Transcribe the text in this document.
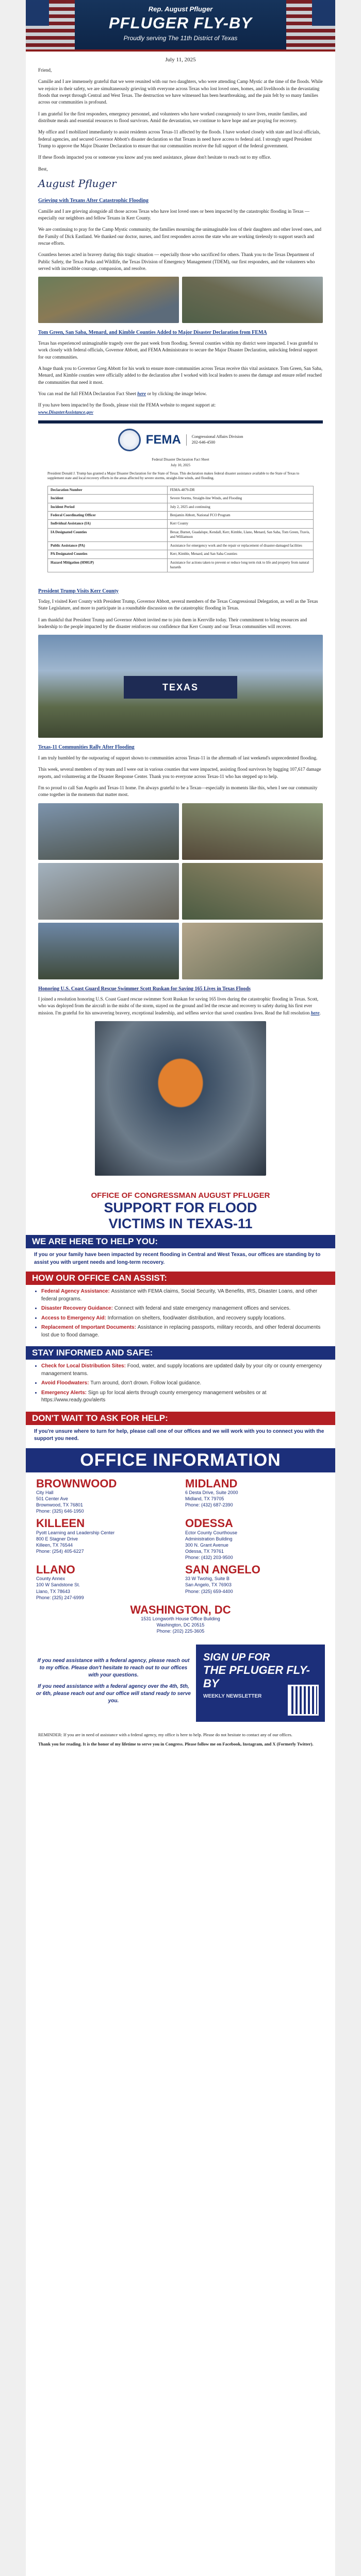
Rep. August Pfluger
PFLUGER FLY-BY
Proudly serving The 11th District of Texas
July 11, 2025

Friend,

Camille and I are immensely grateful that we were reunited with our two daughters, who were attending Camp Mystic at the time of the floods. While we rejoice in their safety, we are simultaneously grieving with everyone across Texas who lost loved ones, homes, and livelihoods in the devastating floods that swept through Central and West Texas. The destruction we have witnessed has been heartbreaking, and the pain felt by so many families across our communities is profound.

I am grateful for the first responders, emergency personnel, and volunteers who have worked courageously to save lives, reunite families, and distribute meals and essential resources to flood survivors. Amid the devastation, we continue to have hope and are praying for recovery.

My office and I mobilized immediately to assist residents across Texas-11 affected by the floods. I have worked closely with state and local officials, federal agencies, and secured Governor Abbott's disaster declaration so that Texans in need have access to federal aid. I strongly urged President Trump to approve the Major Disaster Declaration to ensure that our communities receive the full support of the federal government.

If these floods impacted you or someone you know and you need assistance, please don't hesitate to reach out to my office.

Best,

August Pfluger
Grieving with Texans After Catastrophic Flooding

Camille and I are grieving alongside all those across Texas who have lost loved ones or been impacted by the catastrophic flooding in Texas — especially our neighbors and fellow Texans in Kerr County.

We are continuing to pray for the Camp Mystic community, the families mourning the unimaginable loss of their daughters and other loved ones, and the Family of Dick Eastland. We thanked our doctor, nurses, and first responders across the state who are working tirelessly to support search and rescue efforts.

Countless heroes acted in bravery during this tragic situation — especially those who sacrificed for others. Thank you to the Texas Department of Public Safety, the Texas Parks and Wildlife, the Texas Division of Emergency Management (TDEM), our first responders, and the volunteers who served with incredible courage, compassion, and resolve.

Tom Green, San Saba, Menard, and Kimble Counties Added to Major Disaster Declaration from FEMA

Texas has experienced unimaginable tragedy over the past week from flooding. Several counties within my district were impacted. I was grateful to work closely with federal officials, Governor Abbott, and FEMA Administrator to secure the Major Disaster Declaration, unlocking federal support for our communities.

A huge thank you to Governor Greg Abbott for his work to ensure more communities across Texas receive this vital assistance. Tom Green, San Saba, Menard, and Kimble counties were officially added to the declaration after I worked with local leaders to assess the damage and ensure relief reached the communities that need it most.

You can read the full FEMA Declaration Fact Sheet here or by clicking the image below.

If you have been impacted by the floods, please visit the FEMA website to request support at:
www.DisasterAssistance.gov

FEMA	Congressional Affairs Division
202-646-4500
Federal Disaster Declaration Fact Sheet
July 10, 2025

President Donald J. Trump has granted a Major Disaster Declaration for the State of Texas. This declaration makes federal disaster assistance available to the State of Texas to supplement state and local recovery efforts in the areas affected by severe storms, straight-line winds, and flooding.

Declaration Number	FEMA-4879-DR
Incident	Severe Storms, Straight-line Winds, and Flooding
Incident Period	July 2, 2025 and continuing
Federal Coordinating Officer	Benjamin Abbott, National FCO Program
Individual Assistance (IA)	Kerr County
IA Designated Counties	Bexar, Burnet, Guadalupe, Kendall, Kerr, Kimble, Llano, Menard, San Saba, Tom Green, Travis, and Williamson
Public Assistance (PA)	Assistance for emergency work and the repair or replacement of disaster-damaged facilities
PA Designated Counties	Kerr, Kimble, Menard, and San Saba Counties
Hazard Mitigation (HMGP)	Assistance for actions taken to prevent or reduce long term risk to life and property from natural hazards
President Trump Visits Kerr County

Today, I visited Kerr County with President Trump, Governor Abbott, several members of the Texas Congressional Delegation, as well as the Texas State Legislature, and more to participate in a roundtable discussion on the catastrophic flooding in Texas.

I am thankful that President Trump and Governor Abbott invited me to join them in Kerrville today. Their commitment to bring resources and leadership to the people impacted by the disaster reinforces our confidence that Kerr County and our Texas communities will recover.

TEXAS
Texas-11 Communities Rally After Flooding

I am truly humbled by the outpouring of support shown to communities across Texas-11 in the aftermath of last weekend's unprecedented flooding.

This week, several members of my team and I were out in various counties that were impacted, assisting flood survivors by bagging 107,617 damage reports, and volunteering at the Disaster Response Center. Thank you to everyone across Texas-11 who has stepped up to help.

I'm so proud to call San Angelo and Texas-11 home. I'm always grateful to be a Texan—especially in moments like this, when I see our community come together in the moments that matter most.

Honoring U.S. Coast Guard Rescue Swimmer Scott Ruskan for Saving 165 Lives in Texas Floods

I joined a resolution honoring U.S. Coast Guard rescue swimmer Scott Ruskan for saving 165 lives during the catastrophic flooding in Texas. Scott, who was deployed from the aircraft in the midst of the storm, stayed on the ground and led the rescue and recovery to safety during his first ever mission. I'm grateful for his unwavering bravery, exceptional leadership, and selfless service that saved countless lives. Read the full resolution here.

OFFICE OF CONGRESSMAN AUGUST PFLUGER
SUPPORT FOR FLOOD
VICTIMS IN TEXAS-11
WE ARE HERE TO HELP YOU:
If you or your family have been impacted by recent flooding in Central and West Texas, our offices are standing by to assist you with urgent needs and long-term recovery.
HOW OUR OFFICE CAN ASSIST:
• Federal Agency Assistance: Assistance with FEMA claims, Social Security, VA Benefits, IRS, Disaster Loans, and other federal programs.
• Disaster Recovery Guidance: Connect with federal and state emergency management offices and services.
• Access to Emergency Aid: Information on shelters, food/water distribution, and recovery supply locations.
• Replacement of Important Documents: Assistance in replacing passports, military records, and other federal documents lost due to flood damage.
STAY INFORMED AND SAFE:
• Check for Local Distribution Sites: Food, water, and supply locations are updated daily by your city or county emergency management teams.
• Avoid Floodwaters: Turn around, don't drown. Follow local guidance.
• Emergency Alerts: Sign up for local alerts through county emergency management websites or at https://www.ready.gov/alerts
DON'T WAIT TO ASK FOR HELP:
If you're unsure where to turn for help, please call one of our offices and we will work with you to connect you with the support you need.
OFFICE INFORMATION
BROWNWOOD
City Hall
501 Center Ave
Brownwood, TX 76801
Phone: (325) 646-1950
MIDLAND
6 Desta Drive, Suite 2000
Midland, TX 79705
Phone: (432) 687-2390
KILLEEN
Pyott Learning and Leadership Center
800 E Stagner Drive
Killeen, TX 76544
Phone: (254) 405-6227
ODESSA
Ector County Courthouse
Administration Building
300 N. Grant Avenue
Odessa, TX 79761
Phone: (432) 203-9500
LLANO
County Annex
100 W Sandstone St.
Llano, TX 78643
Phone: (325) 247-6999
SAN ANGELO
33 W Twohig, Suite B
San Angelo, TX 76903
Phone: (325) 659-4400
WASHINGTON, DC
1531 Longworth House Office Building
Washington, DC 20515
Phone: (202) 225-3605

If you need assistance with a federal agency, please reach out to my office. Please don't hesitate to reach out to our offices with your questions.

If you need assistance with a federal agency over the 4th, 5th, or 6th, please reach out and our office will stand ready to serve you.

SIGN UP FOR
THE PFLUGER FLY-BY
WEEKLY NEWSLETTER

REMINDER: If you are in need of assistance with a federal agency, my office is here to help. Please do not hesitate to contact any of our offices.

Thank you for reading. It is the honor of my lifetime to serve you in Congress. Please follow me on Facebook, Instagram, and X (Formerly Twitter).
